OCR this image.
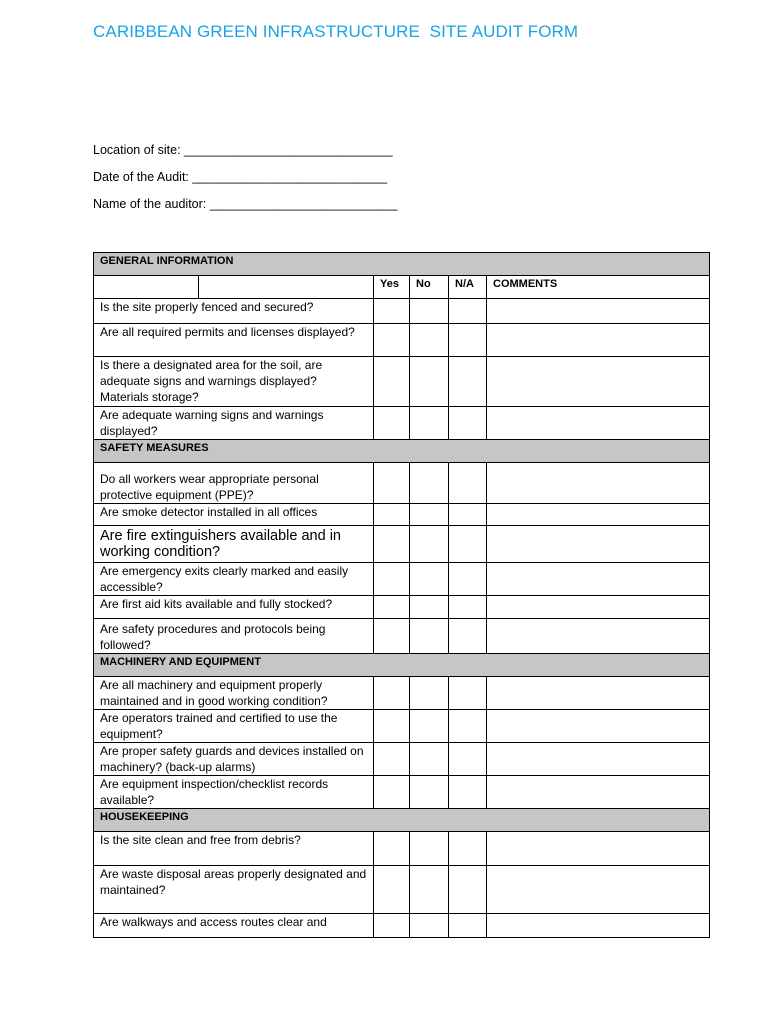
CARIBBEAN GREEN INFRASTRUCTURE  SITE AUDIT FORM
Location of site: ______________________________
Date of the Audit: ____________________________
Name of the auditor: ___________________________
GENERAL INFORMATION					
		Yes	No	N/A	COMMENTS
Is the site properly fenced and secured?					
Are all required permits and licenses displayed?					
Is there a designated area for the soil, are adequate signs and warnings displayed? Materials storage?					
Are adequate warning signs and warnings displayed?					
SAFETY MEASURES					
Do all workers wear appropriate personal protective equipment (PPE)?					
Are smoke detector installed in all offices					
Are fire extinguishers available and in working condition?					
Are emergency exits clearly marked and easily accessible?					
Are first aid kits available and fully stocked?					
Are safety procedures and protocols being followed?					
MACHINERY AND EQUIPMENT					
Are all machinery and equipment properly maintained and in good working condition?					
Are operators trained and certified to use the equipment?					
Are proper safety guards and devices installed on machinery? (back-up alarms)					
Are equipment inspection/checklist records available?					
HOUSEKEEPING					
Is the site clean and free from debris?					
Are waste disposal areas properly designated and maintained?					
Are walkways and access routes clear and					
